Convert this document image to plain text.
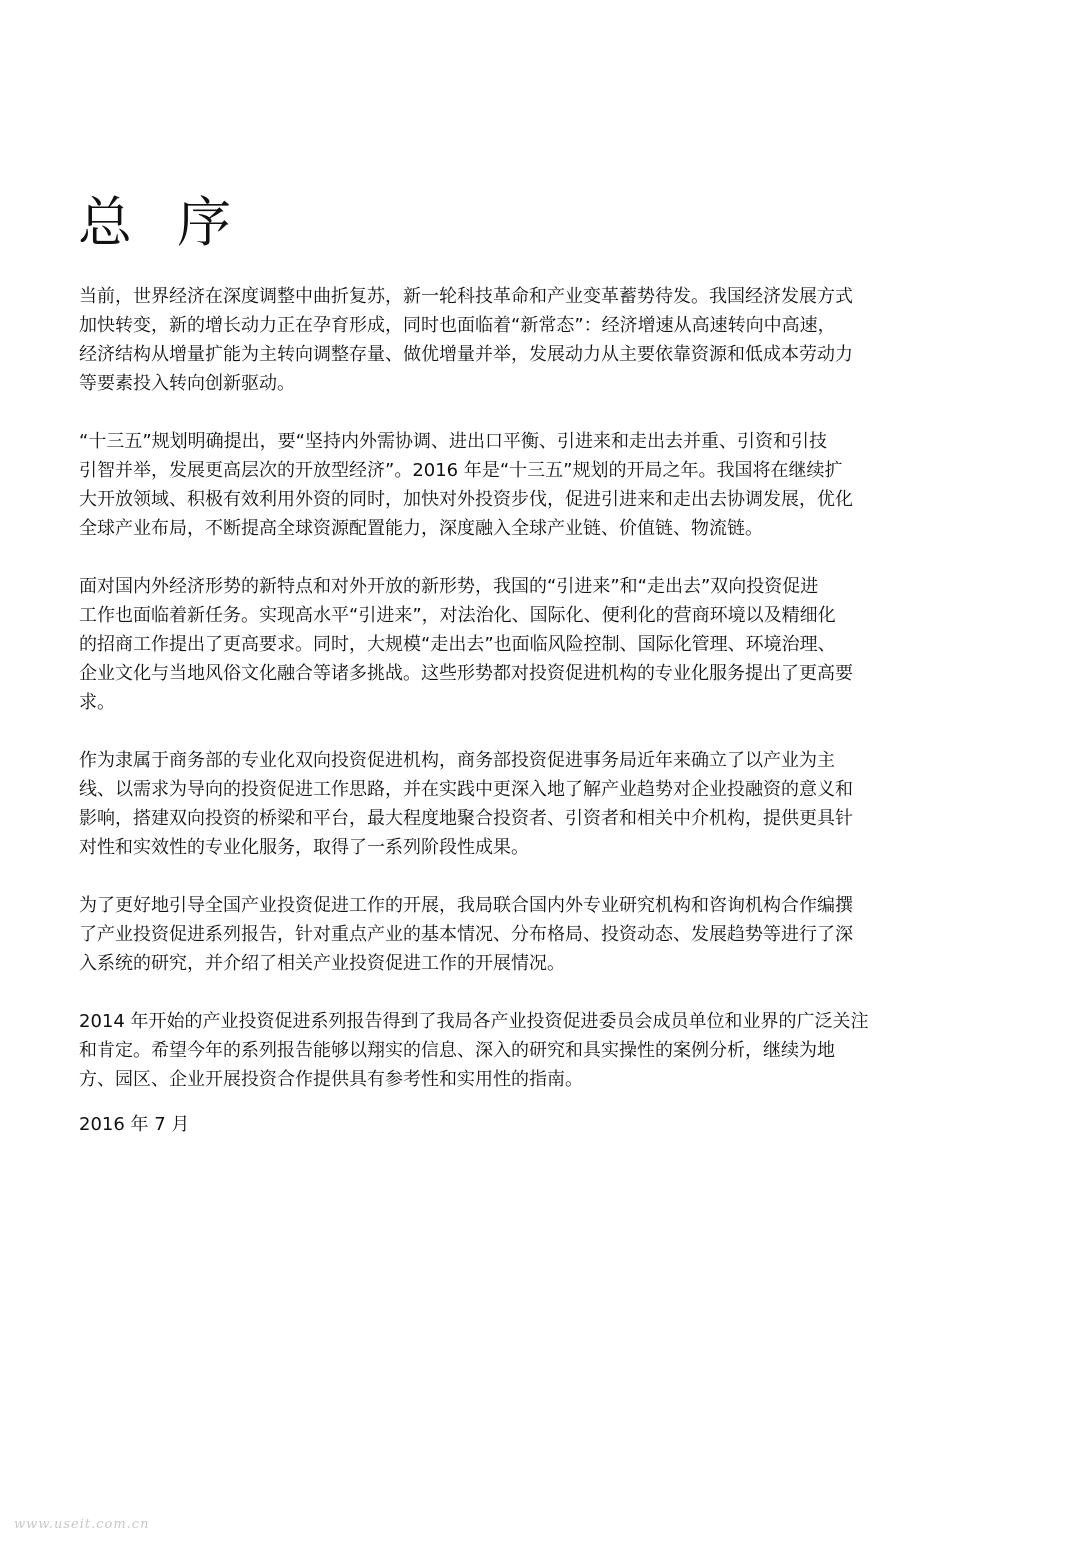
总 序

当前，世界经济在深度调整中曲折复苏，新一轮科技革命和产业变革蓄势待发。我国经济发展方式
加快转变，新的增长动力正在孕育形成，同时也面临着“新常态”：经济增速从高速转向中高速，
经济结构从增量扩能为主转向调整存量、做优增量并举，发展动力从主要依靠资源和低成本劳动力
等要素投入转向创新驱动。

“十三五”规划明确提出，要“坚持内外需协调、进出口平衡、引进来和走出去并重、引资和引技
引智并举，发展更高层次的开放型经济”。2016 年是“十三五”规划的开局之年。我国将在继续扩
大开放领域、积极有效利用外资的同时，加快对外投资步伐，促进引进来和走出去协调发展，优化
全球产业布局，不断提高全球资源配置能力，深度融入全球产业链、价值链、物流链。

面对国内外经济形势的新特点和对外开放的新形势，我国的“引进来”和“走出去”双向投资促进
工作也面临着新任务。实现高水平“引进来”，对法治化、国际化、便利化的营商环境以及精细化
的招商工作提出了更高要求。同时，大规模“走出去”也面临风险控制、国际化管理、环境治理、
企业文化与当地风俗文化融合等诸多挑战。这些形势都对投资促进机构的专业化服务提出了更高要
求。

作为隶属于商务部的专业化双向投资促进机构，商务部投资促进事务局近年来确立了以产业为主
线、以需求为导向的投资促进工作思路，并在实践中更深入地了解产业趋势对企业投融资的意义和
影响，搭建双向投资的桥梁和平台，最大程度地聚合投资者、引资者和相关中介机构，提供更具针
对性和实效性的专业化服务，取得了一系列阶段性成果。

为了更好地引导全国产业投资促进工作的开展，我局联合国内外专业研究机构和咨询机构合作编撰
了产业投资促进系列报告，针对重点产业的基本情况、分布格局、投资动态、发展趋势等进行了深
入系统的研究，并介绍了相关产业投资促进工作的开展情况。

2014 年开始的产业投资促进系列报告得到了我局各产业投资促进委员会成员单位和业界的广泛关注
和肯定。希望今年的系列报告能够以翔实的信息、深入的研究和具实操性的案例分析，继续为地
方、园区、企业开展投资合作提供具有参考性和实用性的指南。

2016 年 7 月
www.useit.com.cn
